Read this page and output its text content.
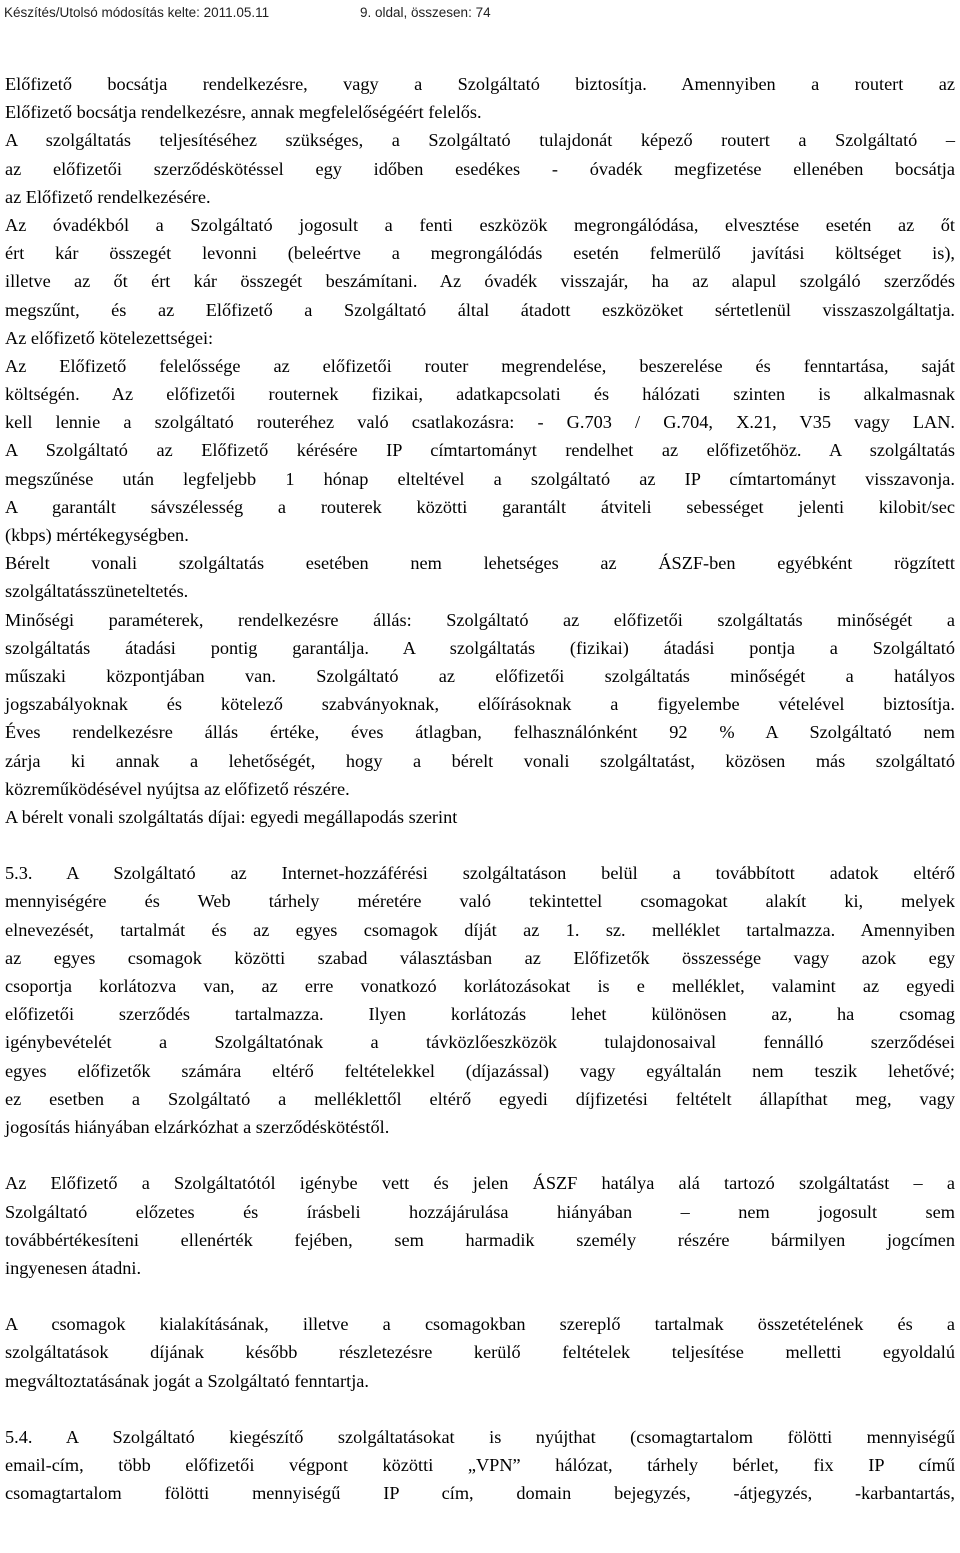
Készítés/Utolsó módosítás kelte: 2011.05.11	9. oldal, összesen: 74
Előfizető bocsátja rendelkezésre, vagy a Szolgáltató biztosítja. Amennyiben a routert az
Előfizető bocsátja rendelkezésre, annak megfelelőségéért felelős.
A szolgáltatás teljesítéséhez szükséges, a Szolgáltató tulajdonát képező routert a Szolgáltató –
az előfizetői szerződéskötéssel egy időben esedékes - óvadék megfizetése ellenében bocsátja
az Előfizető rendelkezésére.
Az óvadékból a Szolgáltató jogosult a fenti eszközök megrongálódása, elvesztése esetén az őt
ért kár összegét levonni (beleértve a megrongálódás esetén felmerülő javítási költséget is),
illetve az őt ért kár összegét beszámítani. Az óvadék visszajár, ha az alapul szolgáló szerződés
megszűnt, és az Előfizető a Szolgáltató által átadott eszközöket sértetlenül visszaszolgáltatja.
Az előfizető kötelezettségei:
Az Előfizető felelőssége az előfizetői router megrendelése, beszerelése és fenntartása, saját
költségén. Az előfizetői routernek fizikai, adatkapcsolati és hálózati szinten is alkalmasnak
kell lennie a szolgáltató routeréhez való csatlakozásra: - G.703 / G.704, X.21, V35 vagy LAN.
A Szolgáltató az Előfizető kérésére IP címtartományt rendelhet az előfizetőhöz. A szolgáltatás
megszűnése után legfeljebb 1 hónap elteltével a szolgáltató az IP címtartományt visszavonja.
A garantált sávszélesség a routerek közötti garantált átviteli sebességet jelenti kilobit/sec
(kbps) mértékegységben.
Bérelt vonali szolgáltatás esetében nem lehetséges az ÁSZF-ben egyébként rögzített
szolgáltatásszüneteltetés.
Minőségi paraméterek, rendelkezésre állás: Szolgáltató az előfizetői szolgáltatás minőségét a
szolgáltatás átadási pontig garantálja. A szolgáltatás (fizikai) átadási pontja a Szolgáltató
műszaki központjában van. Szolgáltató az előfizetői szolgáltatás minőségét a hatályos
jogszabályoknak és kötelező szabványoknak, előírásoknak a figyelembe vételével biztosítja.
Éves rendelkezésre állás értéke, éves átlagban, felhasználónként 92 % A Szolgáltató nem
zárja ki annak a lehetőségét, hogy a bérelt vonali szolgáltatást, közösen más szolgáltató
közreműködésével nyújtsa az előfizető részére.
A bérelt vonali szolgáltatás díjai: egyedi megállapodás szerint
5.3. A Szolgáltató az Internet-hozzáférési szolgáltatáson belül a továbbított adatok eltérő
mennyiségére és Web tárhely méretére való tekintettel csomagokat alakít ki, melyek
elnevezését, tartalmát és az egyes csomagok díját az 1. sz. melléklet tartalmazza. Amennyiben
az egyes csomagok közötti szabad választásban az Előfizetők összessége vagy azok egy
csoportja korlátozva van, az erre vonatkozó korlátozásokat is e melléklet, valamint az egyedi
előfizetői szerződés tartalmazza. Ilyen korlátozás lehet különösen az, ha csomag
igénybevételét a Szolgáltatónak a távközlőeszközök tulajdonosaival fennálló szerződései
egyes előfizetők számára eltérő feltételekkel (díjazással) vagy egyáltalán nem teszik lehetővé;
ez esetben a Szolgáltató a melléklettől eltérő egyedi díjfizetési feltételt állapíthat meg, vagy
jogosítás hiányában elzárkózhat a szerződéskötéstől.
Az Előfizető a Szolgáltatótól igénybe vett és jelen ÁSZF hatálya alá tartozó szolgáltatást – a
Szolgáltató előzetes és írásbeli hozzájárulása hiányában – nem jogosult sem
továbbértékesíteni ellenérték fejében, sem harmadik személy részére bármilyen jogcímen
ingyenesen átadni.
A csomagok kialakításának, illetve a csomagokban szereplő tartalmak összetételének és a
szolgáltatások díjának később részletezésre kerülő feltételek teljesítése melletti egyoldalú
megváltoztatásának jogát a Szolgáltató fenntartja.
5.4. A Szolgáltató kiegészítő szolgáltatásokat is nyújthat (csomagtartalom fölötti mennyiségű
email-cím, több előfizetői végpont közötti „VPN” hálózat, tárhely bérlet, fix IP című
csomagtartalom fölötti mennyiségű IP cím, domain bejegyzés, -átjegyzés, -karbantartás,
